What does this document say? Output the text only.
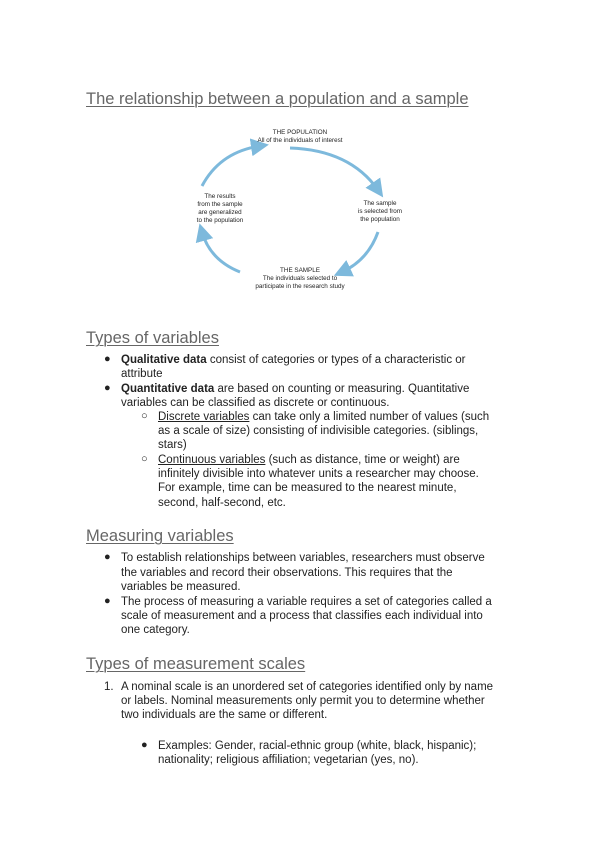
The relationship between a population and a sample
THE POPULATION
All of the individuals of interest
The sample
is selected from
the population
THE SAMPLE
The individuals selected to
participate in the research study
The results
from the sample
are generalized
to the population
Types of variables
● Qualitative data consist of categories or types of a characteristic or

attribute

● Quantitative data are based on counting or measuring. Quantitative

variables can be classified as discrete or continuous.

○ Discrete variables can take only a limited number of values (such

as a scale of size) consisting of indivisible categories. (siblings,

stars)

○ Continuous variables (such as distance, time or weight) are

infinitely divisible into whatever units a researcher may choose.

For example, time can be measured to the nearest minute,

second, half-second, etc.

Measuring variables
● To establish relationships between variables, researchers must observe

the variables and record their observations. This requires that the

variables be measured.

● The process of measuring a variable requires a set of categories called a

scale of measurement and a process that classifies each individual into

one category.

Types of measurement scales
1. A nominal scale is an unordered set of categories identified only by name

or labels. Nominal measurements only permit you to determine whether

two individuals are the same or different.

● Examples: Gender, racial-ethnic group (white, black, hispanic);

nationality; religious affiliation; vegetarian (yes, no).
